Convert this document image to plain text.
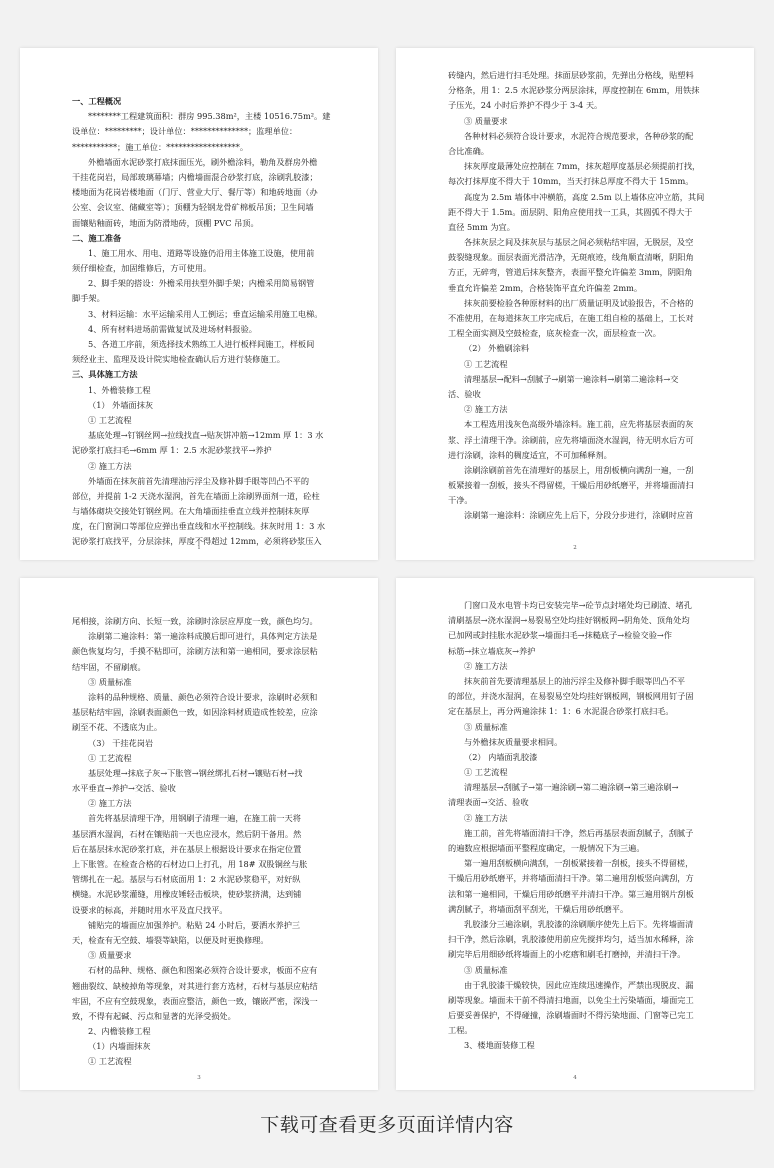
一、工程概况
********工程建筑面积：群房 995.38m²，主楼 10516.75m²。建
设单位：*********；设计单位：**************；监理单位：
***********；施工单位：******************。
外檐墙面水泥砂浆打底抹面压光，刷外檐涂料，勒角及群房外檐
干挂花岗岩，局部玻璃幕墙；内檐墙面混合砂浆打底，涂刷乳胶漆；
楼地面为花岗岩楼地面（门厅、营业大厅、餐厅等）和地砖地面（办
公室、会议室、储藏室等）；顶棚为轻钢龙骨矿棉板吊顶；卫生间墙
面镶贴釉面砖，地面为防滑地砖，顶棚 PVC 吊顶。
二、施工准备
1、施工用水、用电、道路等设施仍沿用主体施工设施，使用前
须仔细检查，加固维修后，方可使用。
2、脚手架的搭设：外檐采用扶型外脚手架；内檐采用简易钢管
脚手架。
3、材料运输：水平运输采用人工倒运；垂直运输采用施工电梯。
4、所有材料进场前需做复试及进场材料报验。
5、各道工序前，须选择技术熟练工人进行板样间施工，样板间
须经业主、监理及设计院实地检查确认后方进行装修施工。
三、具体施工方法
1、外檐装修工程
（1） 外墙面抹灰
① 工艺流程
基底处理→钉钢丝网→拉线找直→贴灰饼冲筋→12mm 厚 1：3 水
泥砂浆打底扫毛→6mm 厚 1：2.5 水泥砂浆找平→养护
② 施工方法
外墙面在抹灰前首先清理油污浮尘及修补脚手眼等凹凸不平的
部位，并提前 1-2 天浇水湿润，首先在墙面上涂刷界面剂一道，砼柱
与墙体砌块交接处钉钢丝网。在大角墙面挂垂直立线并控制抹灰厚
度，在门窗洞口等部位应弹出垂直线和水平控制线。抹灰时用 1：3 水
泥砂浆打底找平，分层涂抹，厚度不得超过 12mm，必须将砂浆压入
1
砖缝内，然后进行扫毛处理。抹面层砂浆前，先弹出分格线，贴塑料
分格条，用 1：2.5 水泥砂浆分两层涂抹，厚度控制在 6mm，用铁抹
子压光，24 小时后养护不得少于 3-4 天。
③ 质量要求
各种材料必须符合设计要求，水泥符合规范要求，各种砂浆的配
合比准确。
抹灰厚度最薄处应控制在 7mm，抹灰超厚度基层必须提前打找，
每次打抹厚度不得大于 10mm，当天打抹总厚度不得大于 15mm。
高度为 2.5m 墙体中冲横筋，高度 2.5m 以上墙体应冲立筋，其间
距不得大于 1.5m。面层阴、阳角应使用找一工具，其圆弧不得大于
直径 5mm 为宜。
各抹灰层之间及抹灰层与基层之间必须粘结牢固，无脱层，及空
鼓裂缝现象。面层表面光滑洁净，无斑痕迹，线角顺直清晰，阴阳角
方正，无碎弯，管道后抹灰整齐，表面平整允许偏差 3mm，阴阳角
垂直允许偏差 2mm，合格装饰平直允许偏差 2mm。
抹灰前要检验各种原材料的出厂质量证明及试验报告，不合格的
不准使用，在每道抹灰工序完成后，在施工组自检的基础上，工长对
工程全面实测及空鼓检查，底灰检查一次，面层检查一次。
（2） 外檐刷涂料
① 工艺流程
清理基层→配料→刮腻子→刷第一遍涂料→刷第二遍涂料→交
活、验收
② 施工方法
本工程选用浅灰色高级外墙涂料。施工前，应先将基层表面的灰
浆、浮土清理干净。涂刷前，应先将墙面浇水湿润，待无明水后方可
进行涂刷，涂料的稠度适宜，不可加稀释剂。
涂刷涂刷前首先在清理好的基层上，用刮板横向满刮一遍，一刮
板紧接着一刮板，接头不得留槎，干燥后用砂纸磨平，并将墙面清扫
干净。
涂刷第一遍涂料：涂刷应先上后下，分段分步进行，涂刷时应首
2
尾相接，涂刷方向、长短一致，涂刷时涂层应厚度一致，颜色均匀。
涂刷第二遍涂料：第一遍涂料成膜后即可进行，具体判定方法是
颜色恢复均匀，手摸不粘即可，涂刷方法和第一遍相同，要求涂层粘
结牢固，不留刷痕。
③ 质量标准
涂料的品种规格、质量、颜色必须符合设计要求，涂刷时必须和
基层粘结牢固，涂刷表面颜色一致，如因涂料材质造成性较差，应涂
刷至不花、不透底为止。
（3） 干挂花岗岩
① 工艺流程
基层处理→抹底子灰→下胀管→钢丝绑扎石材→镶贴石材→找
水平垂直→养护→交活、验收
② 施工方法
首先将基层清理干净，用钢刷子清理一遍，在施工前一天将
基层洒水湿润，石材在镶贴前一天也应浸水，然后阴干备用。然
后在基层抹水泥砂浆打底，并在基层上根据设计要求在指定位置
上下胀管。在检查合格的石材边口上打孔，用 18# 双股铜丝与胀
管绑扎在一起。基层与石材底面用 1：2 水泥砂浆稳平，对好纵
横缝。水泥砂浆灌缝，用橡皮锤轻击板块，使砂浆挤满，达到铺
设要求的标高，并随时用水平及直尺找平。
铺贴完的墙面应加强养护。粘贴 24 小时后，要洒水养护三
天，检查有无空鼓、墙裂等缺陷，以便及时更换修理。
③ 质量要求
石材的品种、规格、颜色和图案必须符合设计要求，板面不应有
翘曲裂纹、缺棱掉角等现象，对其进行套方选材，石材与基层应粘结
牢固，不应有空鼓现象，表面应整洁，颜色一致，镶嵌严密，深浅一
致，不得有起碱、污点和显著的光泽受损处。
2、内檐装修工程
（1）内墙面抹灰
① 工艺流程
3
门窗口及水电管卡均已安装完毕→砼节点封堵处均已刷渣、堵孔
清刷基层→浇水湿润→易裂易空处均挂好钢板网→阴角处、顶角处均
已加网或封挂胀水泥砂浆→墙面扫毛→抹糙底子→检验交验→作
标筋→抹立墙底灰→养护
② 施工方法
抹灰前首先要清理基层上的油污浮尘及修补脚手眼等凹凸不平
的部位，并浇水湿润，在易裂易空处均挂好钢板网，钢板网用钉子固
定在基层上，再分两遍涂抹 1：1：6 水泥混合砂浆打底扫毛。
③ 质量标准
与外檐抹灰质量要求相同。
（2） 内墙面乳胶漆
① 工艺流程
清理基层→刮腻子→第一遍涂刷→第二遍涂刷→第三遍涂刷→
清理表面→交活、验收
② 施工方法
施工前，首先将墙面清扫干净，然后再基层表面刮腻子，刮腻子
的遍数应根据墙面平整程度确定，一般情况下为三遍。
第一遍用刮板横向满刮，一刮板紧接着一刮板，接头不得留槎，
干燥后用砂纸磨平，并将墙面清扫干净。第二遍用刮板竖向满刮，方
法和第一遍相同，干燥后用砂纸磨平并清扫干净。第三遍用钢片刮板
满刮腻子，将墙面刮平刮光，干燥后用砂纸磨平。
乳胶漆分三遍涂刷，乳胶漆的涂刷顺序使先上后下。先将墙面清
扫干净，然后涂刷，乳胶漆使用前应先搅拌均匀，适当加水稀释，涂
刷完毕后用细砂纸将墙面上的小疙瘩和刷毛打磨掉，并清扫干净。
③ 质量标准
由于乳胶漆干燥较快，因此应连续迅速操作，严禁出现脱皮、漏
刷等现象。墙面未干前不得清扫地面，以免尘土污染墙面，墙面完工
后要妥善保护，不得碰撞，涂刷墙面时不得污染地面、门窗等已完工
工程。
3、楼地面装修工程
4
下载可查看更多页面详情内容
